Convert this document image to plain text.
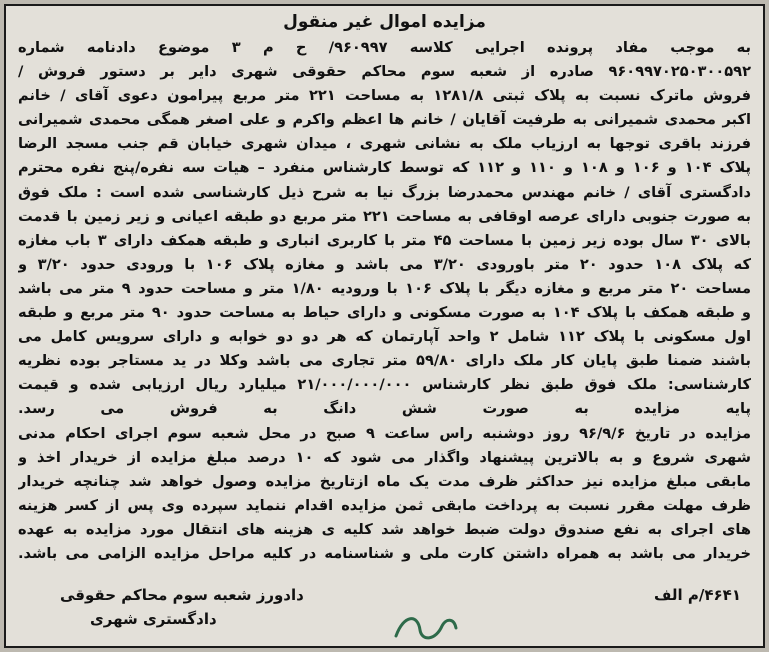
مزایده اموال غیر منقول
به موجب مفاد پرونده اجرایی کلاسه ۹۶۰۹۹۷/ ح م ۳ موضوع دادنامه شماره
۹۶۰۹۹۷۰۲۵۰۳۰۰۵۹۲ صادره از شعبه سوم محاکم حقوقی شهری دایر بر دستور فروش /
فروش ماترک نسبت به پلاک ثبتی ۱۲۸۱/۸ به مساحت ۲۲۱ متر مربع پیرامون دعوی آقای / خانم
اکبر محمدی شمیرانی به طرفیت آقایان / خانم ها اعظم واکرم و علی اصغر همگی محمدی شمیرانی
فرزند باقری توجها به ارزیاب ملک به نشانی شهری ، میدان شهری خیابان قم جنب مسجد الرضا
پلاک ۱۰۴ و ۱۰۶ و ۱۰۸ و ۱۱۰ و ۱۱۲ که توسط کارشناس منفرد – هیات سه نفره/پنج نفره محترم
دادگستری آقای / خانم مهندس محمدرضا بزرگ نیا به شرح ذیل کارشناسی شده است : ملک فوق
به صورت جنوبی دارای عرصه اوقافی به مساحت ۲۲۱ متر مربع دو طبقه اعیانی و زیر زمین با قدمت
بالای ۳۰ سال بوده زیر زمین با مساحت ۴۵ متر با کاربری انباری و طبقه همکف دارای ۳ باب مغازه
که پلاک ۱۰۸ حدود ۲۰ متر باورودی ۳/۲۰ می باشد و مغازه پلاک ۱۰۶ با ورودی حدود ۳/۲۰ و
مساحت ۲۰ متر مربع و مغازه دیگر با پلاک ۱۰۶ با ورودیه ۱/۸۰ متر و مساحت حدود ۹ متر می باشد
و طبقه همکف با پلاک ۱۰۴ به صورت مسکونی و دارای حیاط به مساحت حدود ۹۰ متر مربع و طبقه
اول مسکونی با پلاک ۱۱۲ شامل ۲ واحد آپارتمان که هر دو دو خوابه و دارای سرویس کامل می
باشند ضمنا طبق پایان کار ملک دارای ۵۹/۸۰ متر تجاری می باشد وکلا در ید مستاجر بوده نظریه
کارشناسی: ملک فوق طبق نظر کارشناس ۲۱/۰۰۰/۰۰۰/۰۰۰ میلیارد ریال ارزیابی شده و قیمت
پایه مزایده به صورت شش دانگ به فروش می رسد.
مزایده در تاریخ ۹۶/۹/۶ روز دوشنبه راس ساعت ۹ صبح در محل شعبه سوم اجرای احکام مدنی
شهری شروع و به بالاترین پیشنهاد واگذار می شود که ۱۰ درصد مبلغ مزایده از خریدار اخذ و
مابقی مبلغ مزایده نیز حداکثر ظرف مدت یک ماه ازتاریخ مزایده وصول خواهد شد چنانچه خریدار
ظرف مهلت مقرر نسبت به پرداخت مابقی ثمن مزایده اقدام ننماید سپرده وی پس از کسر هزینه
های اجرای به نفع صندوق دولت ضبط خواهد شد کلیه ی هزینه های انتقال مورد مزایده به عهده
خریدار می باشد به همراه داشتن کارت ملی و شناسنامه در کلیه مراحل مزایده الزامی می باشد.
۴۶۴۱/م الف
دادورز شعبه سوم محاکم حقوقی
دادگستری شهری
